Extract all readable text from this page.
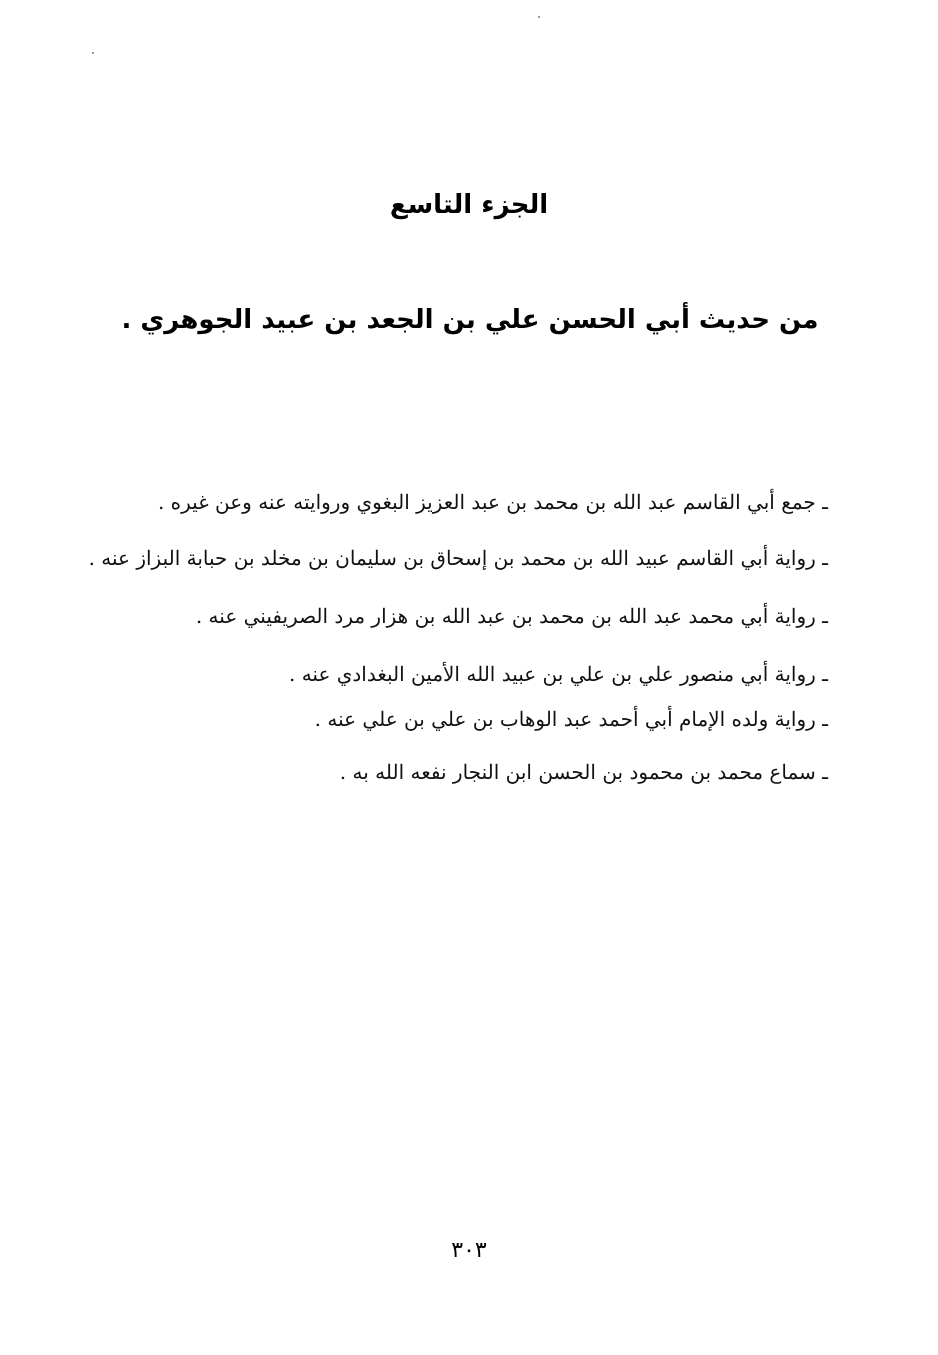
الجزء التاسع
من حديث أبي الحسن علي بن الجعد بن عبيد الجوهري .
ـ جمع أبي القاسم عبد الله بن محمد بن عبد العزيز البغوي وروايته عنه وعن غيره .
ـ رواية أبي القاسم عبيد الله بن محمد بن إسحاق بن سليمان بن مخلد بن حبابة البزاز عنه .
ـ رواية أبي محمد عبد الله بن محمد بن عبد الله بن هزار مرد الصريفيني عنه .
ـ رواية أبي منصور علي بن علي بن عبيد الله الأمين البغدادي عنه .
ـ رواية ولده الإمام أبي أحمد عبد الوهاب بن علي بن علي عنه .
ـ سماع محمد بن محمود بن الحسن ابن النجار نفعه الله به .
٣٠٣
